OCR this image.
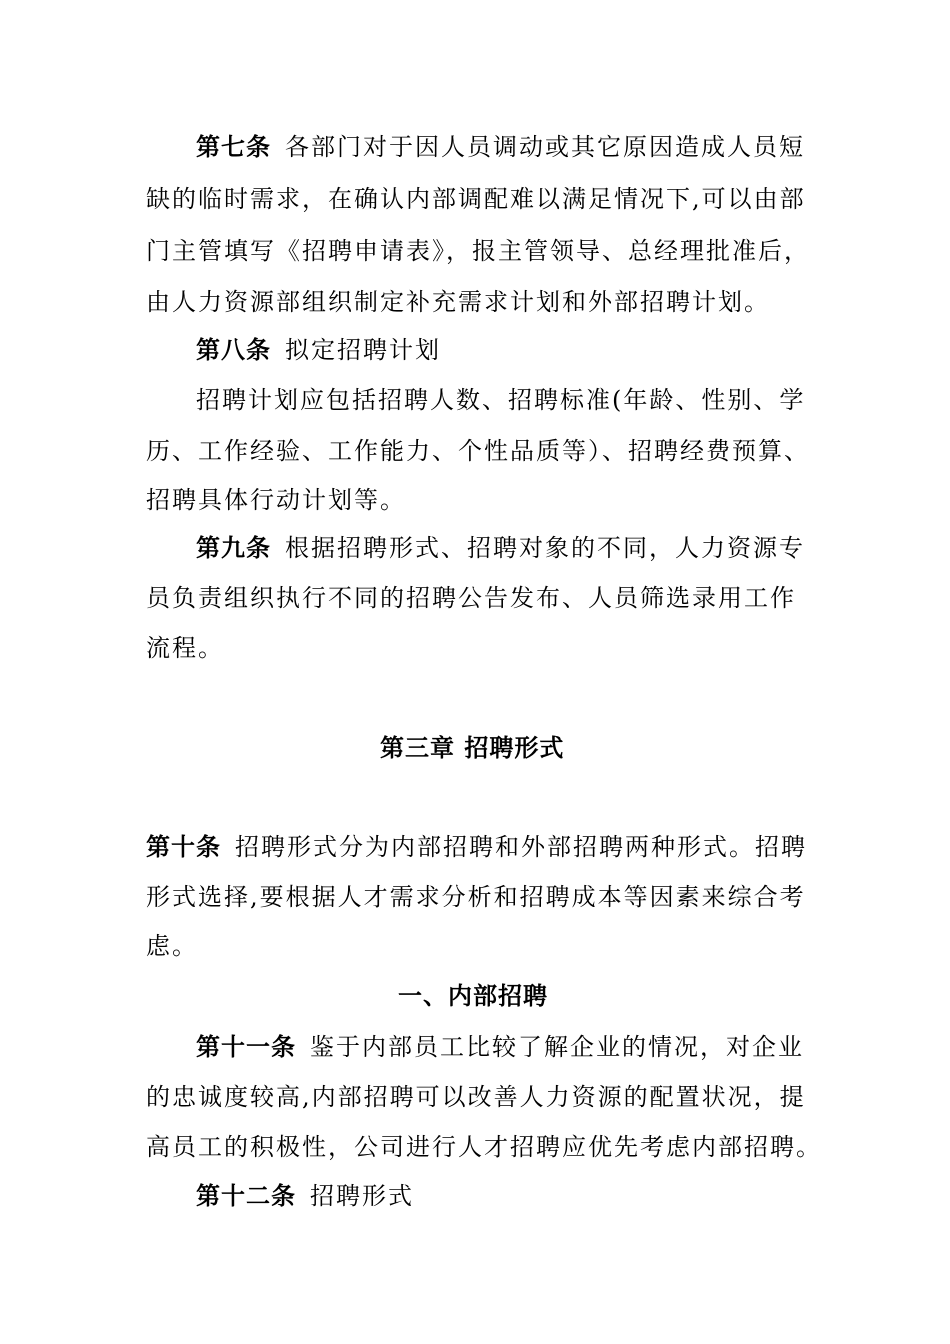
第七条 各部门对于因人员调动或其它原因造成人员短
缺的临时需求，在确认内部调配难以满足情况下,可以由部
门主管填写《招聘申请表》，报主管领导、总经理批准后，
由人力资源部组织制定补充需求计划和外部招聘计划。
第八条 拟定招聘计划
招聘计划应包括招聘人数、招聘标准(年龄、性别、学
历、工作经验、工作能力、个性品质等）、招聘经费预算、
招聘具体行动计划等。
第九条 根据招聘形式、招聘对象的不同，人力资源专
员负责组织执行不同的招聘公告发布、人员筛选录用工作
流程。
第三章 招聘形式
第十条 招聘形式分为内部招聘和外部招聘两种形式。招聘
形式选择,要根据人才需求分析和招聘成本等因素来综合考
虑。
一、内部招聘
第十一条 鉴于内部员工比较了解企业的情况，对企业
的忠诚度较高,内部招聘可以改善人力资源的配置状况，提
高员工的积极性，公司进行人才招聘应优先考虑内部招聘。
第十二条 招聘形式
